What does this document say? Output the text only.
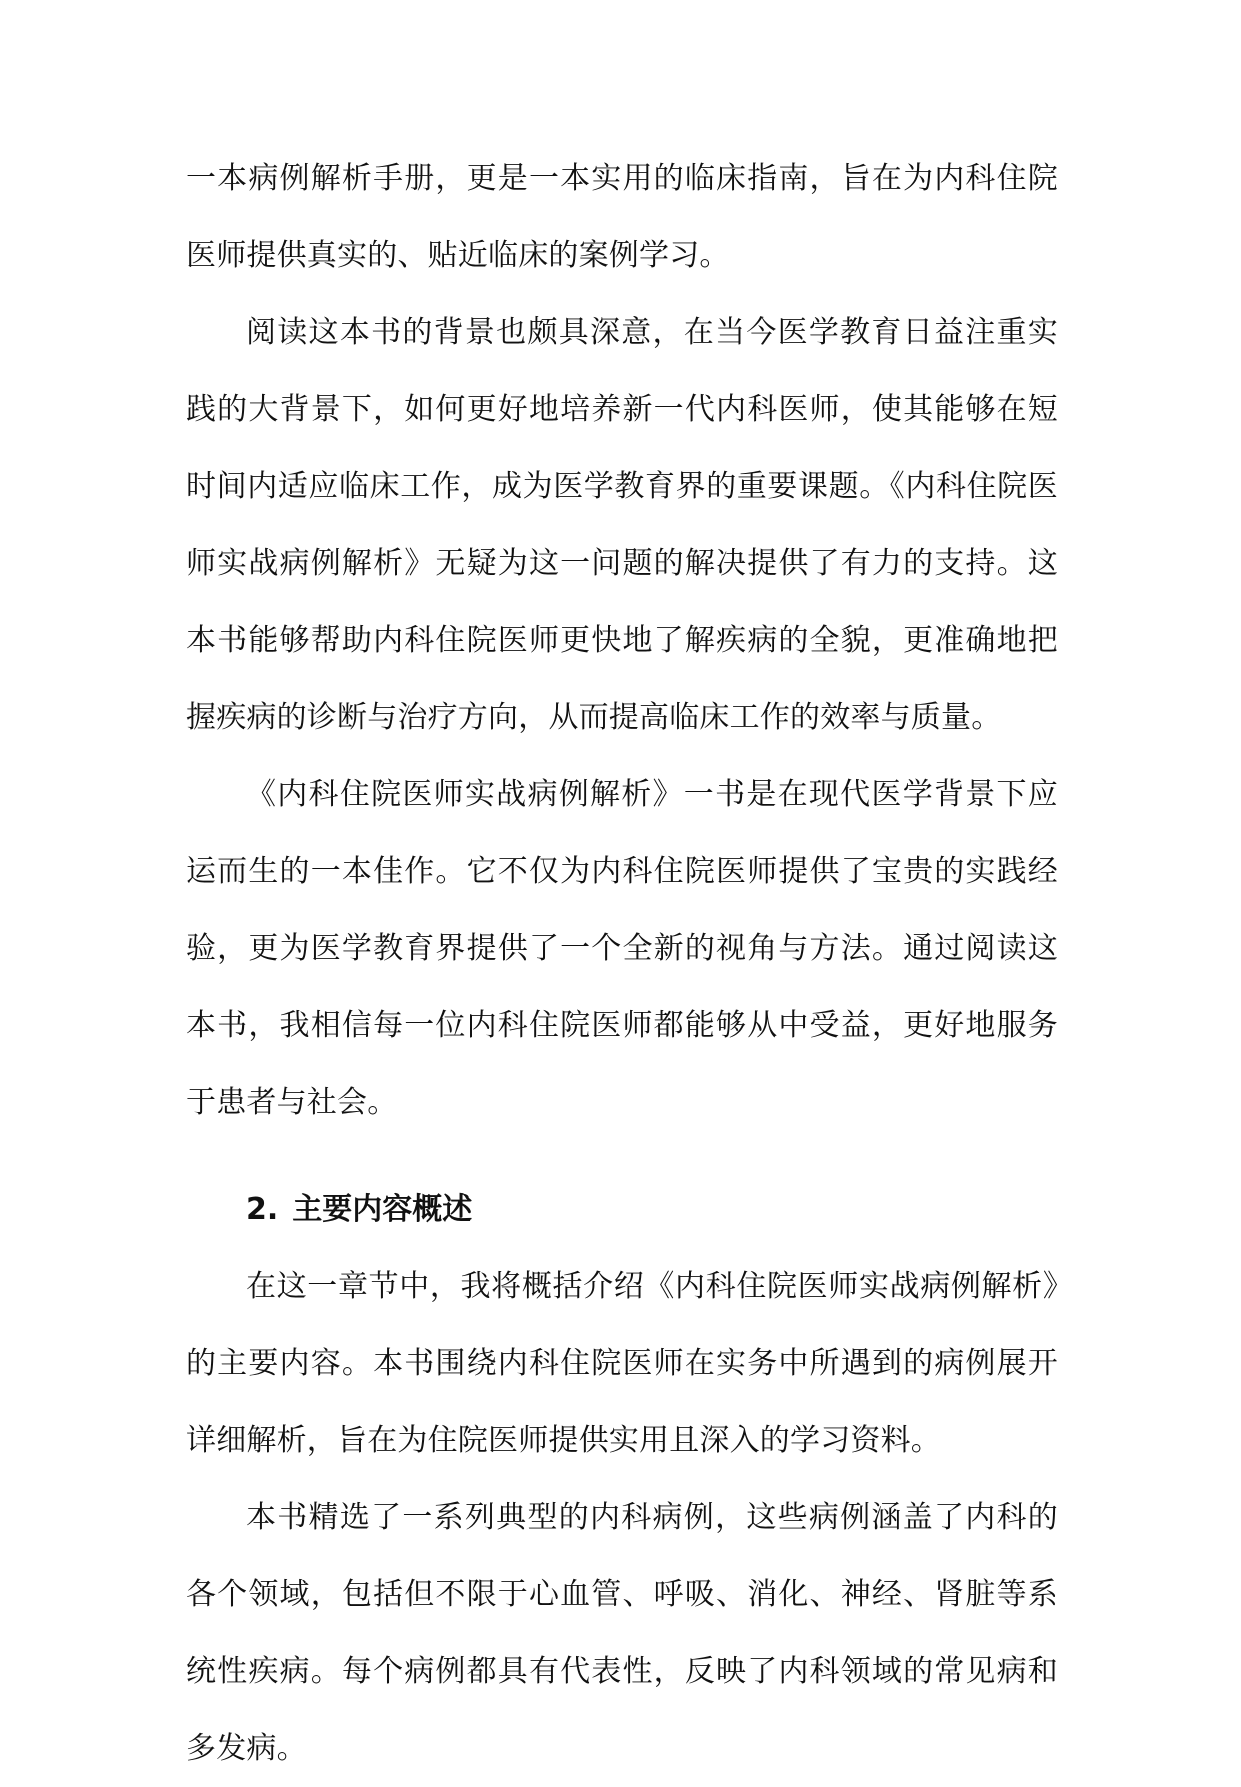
一本病例解析手册，更是一本实用的临床指南，旨在为内科住院医师提供真实的、贴近临床的案例学习。

阅读这本书的背景也颇具深意，在当今医学教育日益注重实践的大背景下，如何更好地培养新一代内科医师，使其能够在短时间内适应临床工作，成为医学教育界的重要课题。《内科住院医师实战病例解析》无疑为这一问题的解决提供了有力的支持。这本书能够帮助内科住院医师更快地了解疾病的全貌，更准确地把握疾病的诊断与治疗方向，从而提高临床工作的效率与质量。

《内科住院医师实战病例解析》一书是在现代医学背景下应运而生的一本佳作。它不仅为内科住院医师提供了宝贵的实践经验，更为医学教育界提供了一个全新的视角与方法。通过阅读这本书，我相信每一位内科住院医师都能够从中受益，更好地服务于患者与社会。

2. 主要内容概述

在这一章节中，我将概括介绍《内科住院医师实战病例解析》的主要内容。本书围绕内科住院医师在实务中所遇到的病例展开详细解析，旨在为住院医师提供实用且深入的学习资料。

本书精选了一系列典型的内科病例，这些病例涵盖了内科的各个领域，包括但不限于心血管、呼吸、消化、神经、肾脏等系统性疾病。每个病例都具有代表性，反映了内科领域的常见病和多发病。
